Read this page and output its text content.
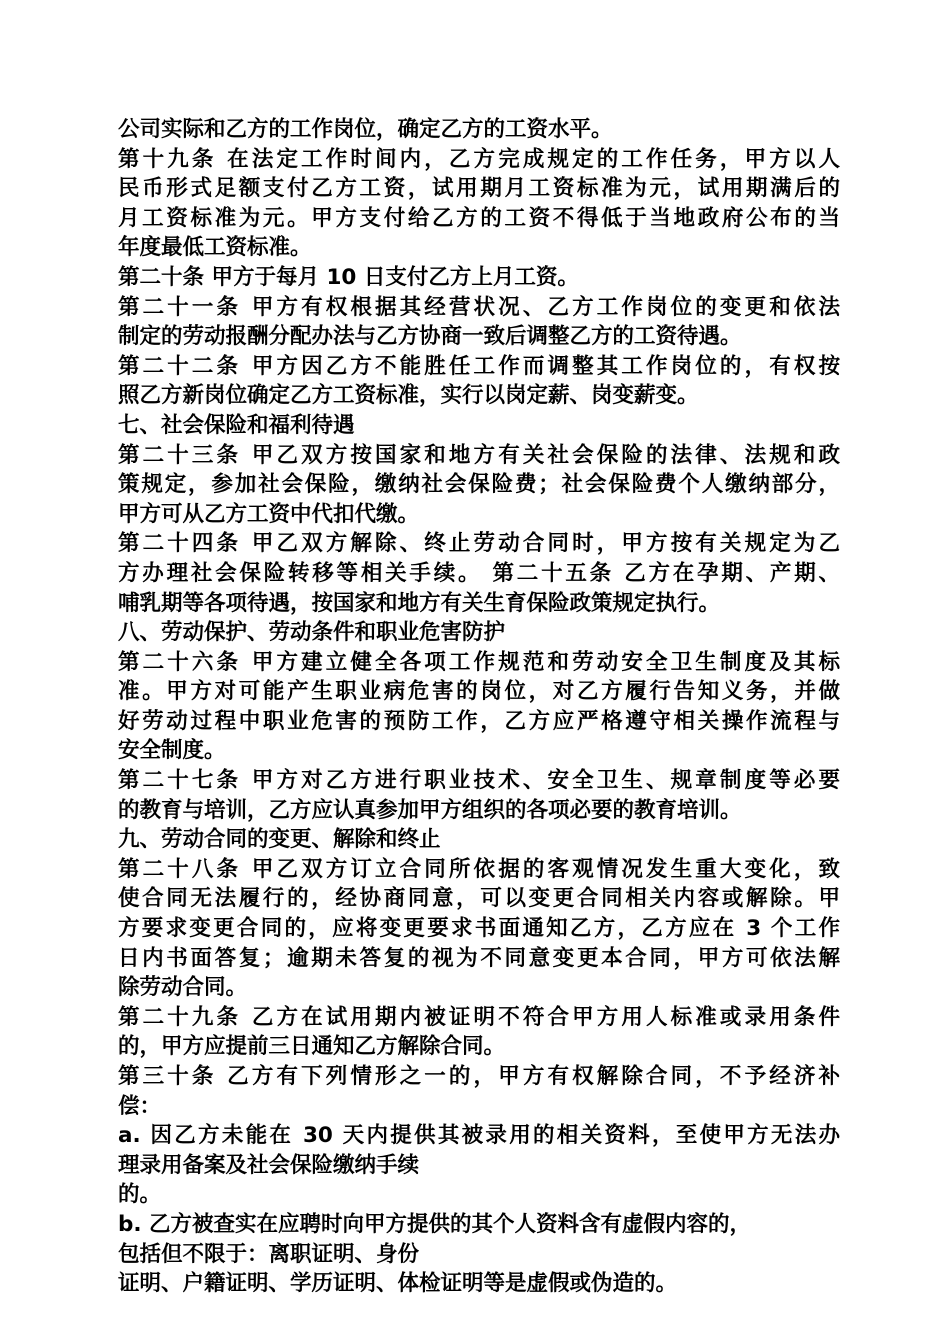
公司实际和乙方的工作岗位，确定乙方的工资水平。
第十九条 在法定工作时间内，乙方完成规定的工作任务，甲方以人
民币形式足额支付乙方工资，试用期月工资标准为元，试用期满后的
月工资标准为元。甲方支付给乙方的工资不得低于当地政府公布的当
年度最低工资标准。
第二十条 甲方于每月 10 日支付乙方上月工资。
第二十一条 甲方有权根据其经营状况、乙方工作岗位的变更和依法
制定的劳动报酬分配办法与乙方协商一致后调整乙方的工资待遇。
第二十二条 甲方因乙方不能胜任工作而调整其工作岗位的，有权按
照乙方新岗位确定乙方工资标准，实行以岗定薪、岗变薪变。
七、社会保险和福利待遇
第二十三条 甲乙双方按国家和地方有关社会保险的法律、法规和政
策规定，参加社会保险，缴纳社会保险费；社会保险费个人缴纳部分，
甲方可从乙方工资中代扣代缴。
第二十四条 甲乙双方解除、终止劳动合同时，甲方按有关规定为乙
方办理社会保险转移等相关手续。 第二十五条 乙方在孕期、产期、
哺乳期等各项待遇，按国家和地方有关生育保险政策规定执行。
八、劳动保护、劳动条件和职业危害防护
第二十六条 甲方建立健全各项工作规范和劳动安全卫生制度及其标
准。甲方对可能产生职业病危害的岗位，对乙方履行告知义务，并做
好劳动过程中职业危害的预防工作，乙方应严格遵守相关操作流程与
安全制度。
第二十七条 甲方对乙方进行职业技术、安全卫生、规章制度等必要
的教育与培训，乙方应认真参加甲方组织的各项必要的教育培训。
九、劳动合同的变更、解除和终止
第二十八条 甲乙双方订立合同所依据的客观情况发生重大变化，致
使合同无法履行的，经协商同意，可以变更合同相关内容或解除。甲
方要求变更合同的，应将变更要求书面通知乙方，乙方应在 3 个工作
日内书面答复；逾期未答复的视为不同意变更本合同，甲方可依法解
除劳动合同。
第二十九条 乙方在试用期内被证明不符合甲方用人标准或录用条件
的，甲方应提前三日通知乙方解除合同。
第三十条 乙方有下列情形之一的，甲方有权解除合同，不予经济补
偿：
a. 因乙方未能在 30 天内提供其被录用的相关资料，至使甲方无法办
理录用备案及社会保险缴纳手续
的。
b. 乙方被查实在应聘时向甲方提供的其个人资料含有虚假内容的，
包括但不限于：离职证明、身份
证明、户籍证明、学历证明、体检证明等是虚假或伪造的。
